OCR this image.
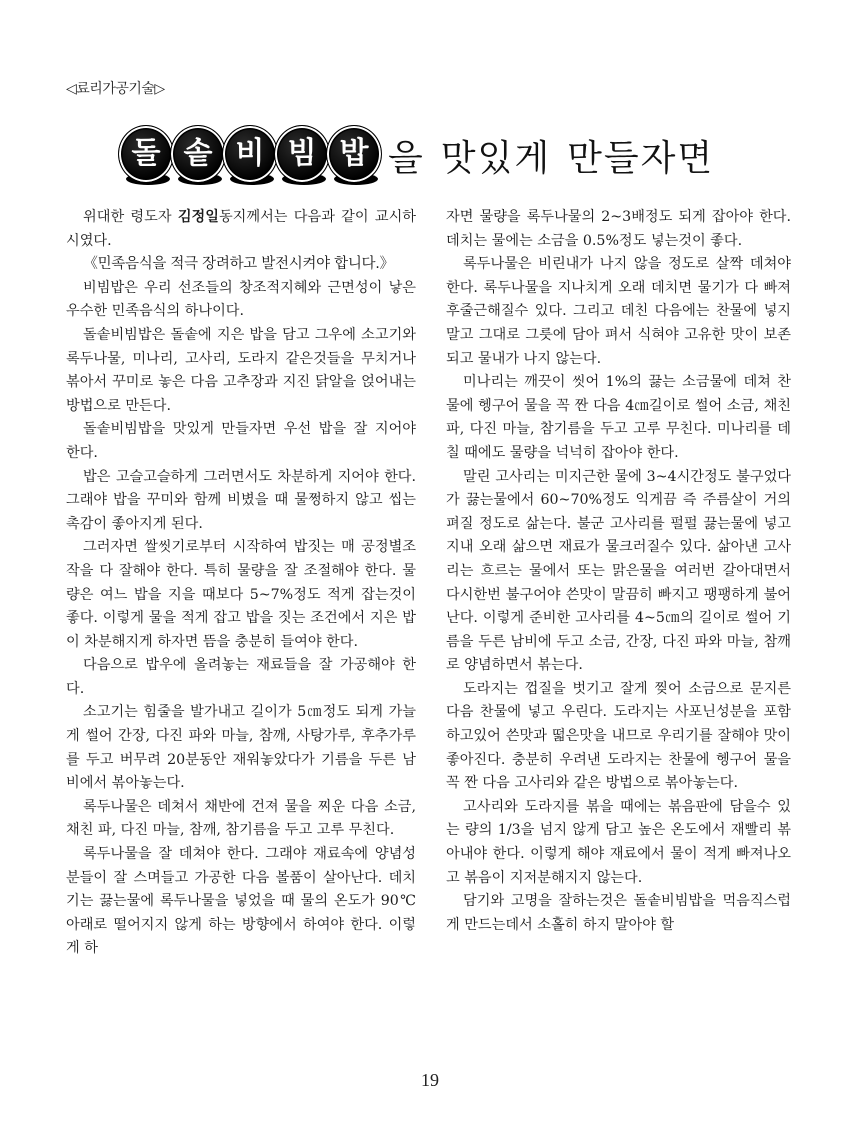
◁료리가공기술▷
돌 솥 비 빔 밥 을 맛있게 만들자면

위대한 령도자 김정일동지께서는 다음과 같이 교시하시였다.

《민족음식을 적극 장려하고 발전시켜야 합니다.》

비빔밥은 우리 선조들의 창조적지혜와 근면성이 낳은 우수한 민족음식의 하나이다.

돌솥비빔밥은 돌솥에 지은 밥을 담고 그우에 소고기와 록두나물, 미나리, 고사리, 도라지 같은것들을 무치거나 볶아서 꾸미로 놓은 다음 고추장과 지진 닭알을 얹어내는 방법으로 만든다.

돌솥비빔밥을 맛있게 만들자면 우선 밥을 잘 지어야 한다.

밥은 고슬고슬하게 그러면서도 차분하게 지어야 한다. 그래야 밥을 꾸미와 함께 비볐을 때 물쩡하지 않고 씹는 촉감이 좋아지게 된다.

그러자면 쌀씻기로부터 시작하여 밥짓는 매 공정별조작을 다 잘해야 한다. 특히 물량을 잘 조절해야 한다. 물량은 여느 밥을 지을 때보다 5~7%정도 적게 잡는것이 좋다. 이렇게 물을 적게 잡고 밥을 짓는 조건에서 지은 밥이 차분해지게 하자면 뜸을 충분히 들여야 한다.

다음으로 밥우에 올려놓는 재료들을 잘 가공해야 한다.

소고기는 힘줄을 발가내고 길이가 5㎝정도 되게 가늘게 썰어 간장, 다진 파와 마늘, 참깨, 사탕가루, 후추가루를 두고 버무려 20분동안 재워놓았다가 기름을 두른 남비에서 볶아놓는다.

록두나물은 데쳐서 채반에 건져 물을 찌운 다음 소금, 채친 파, 다진 마늘, 참깨, 참기름을 두고 고루 무친다.

록두나물을 잘 데쳐야 한다. 그래야 재료속에 양념성분들이 잘 스며들고 가공한 다음 볼품이 살아난다. 데치기는 끓는물에 록두나물을 넣었을 때 물의 온도가 90℃아래로 떨어지지 않게 하는 방향에서 하여야 한다. 이렇게 하

자면 물량을 록두나물의 2~3배정도 되게 잡아야 한다. 데치는 물에는 소금을 0.5%정도 넣는것이 좋다.

록두나물은 비린내가 나지 않을 정도로 살짝 데쳐야 한다. 록두나물을 지나치게 오래 데치면 물기가 다 빠져 후줄근해질수 있다. 그리고 데친 다음에는 찬물에 넣지 말고 그대로 그릇에 담아 펴서 식혀야 고유한 맛이 보존되고 물내가 나지 않는다.

미나리는 깨끗이 씻어 1%의 끓는 소금물에 데쳐 찬물에 헹구어 물을 꼭 짠 다음 4㎝길이로 썰어 소금, 채친 파, 다진 마늘, 참기름을 두고 고루 무친다. 미나리를 데칠 때에도 물량을 넉넉히 잡아야 한다.

말린 고사리는 미지근한 물에 3~4시간정도 불구었다가 끓는물에서 60~70%정도 익게끔 즉 주름살이 거의 펴질 정도로 삶는다. 불군 고사리를 펄펄 끓는물에 넣고 지내 오래 삶으면 재료가 물크러질수 있다. 삶아낸 고사리는 흐르는 물에서 또는 맑은물을 여러번 갈아대면서 다시한번 불구어야 쓴맛이 말끔히 빠지고 팽팽하게 불어난다. 이렇게 준비한 고사리를 4~5㎝의 길이로 썰어 기름을 두른 남비에 두고 소금, 간장, 다진 파와 마늘, 참깨로 양념하면서 볶는다.

도라지는 껍질을 벗기고 잘게 찢어 소금으로 문지른 다음 찬물에 넣고 우린다. 도라지는 사포닌성분을 포함하고있어 쓴맛과 떫은맛을 내므로 우리기를 잘해야 맛이 좋아진다. 충분히 우려낸 도라지는 찬물에 헹구어 물을 꼭 짠 다음 고사리와 같은 방법으로 볶아놓는다.

고사리와 도라지를 볶을 때에는 볶음판에 담을수 있는 량의 1/3을 넘지 않게 담고 높은 온도에서 재빨리 볶아내야 한다. 이렇게 해야 재료에서 물이 적게 빠져나오고 볶음이 지저분해지지 않는다.

담기와 고명을 잘하는것은 돌솥비빔밥을 먹음직스럽게 만드는데서 소홀히 하지 말아야 할

19
